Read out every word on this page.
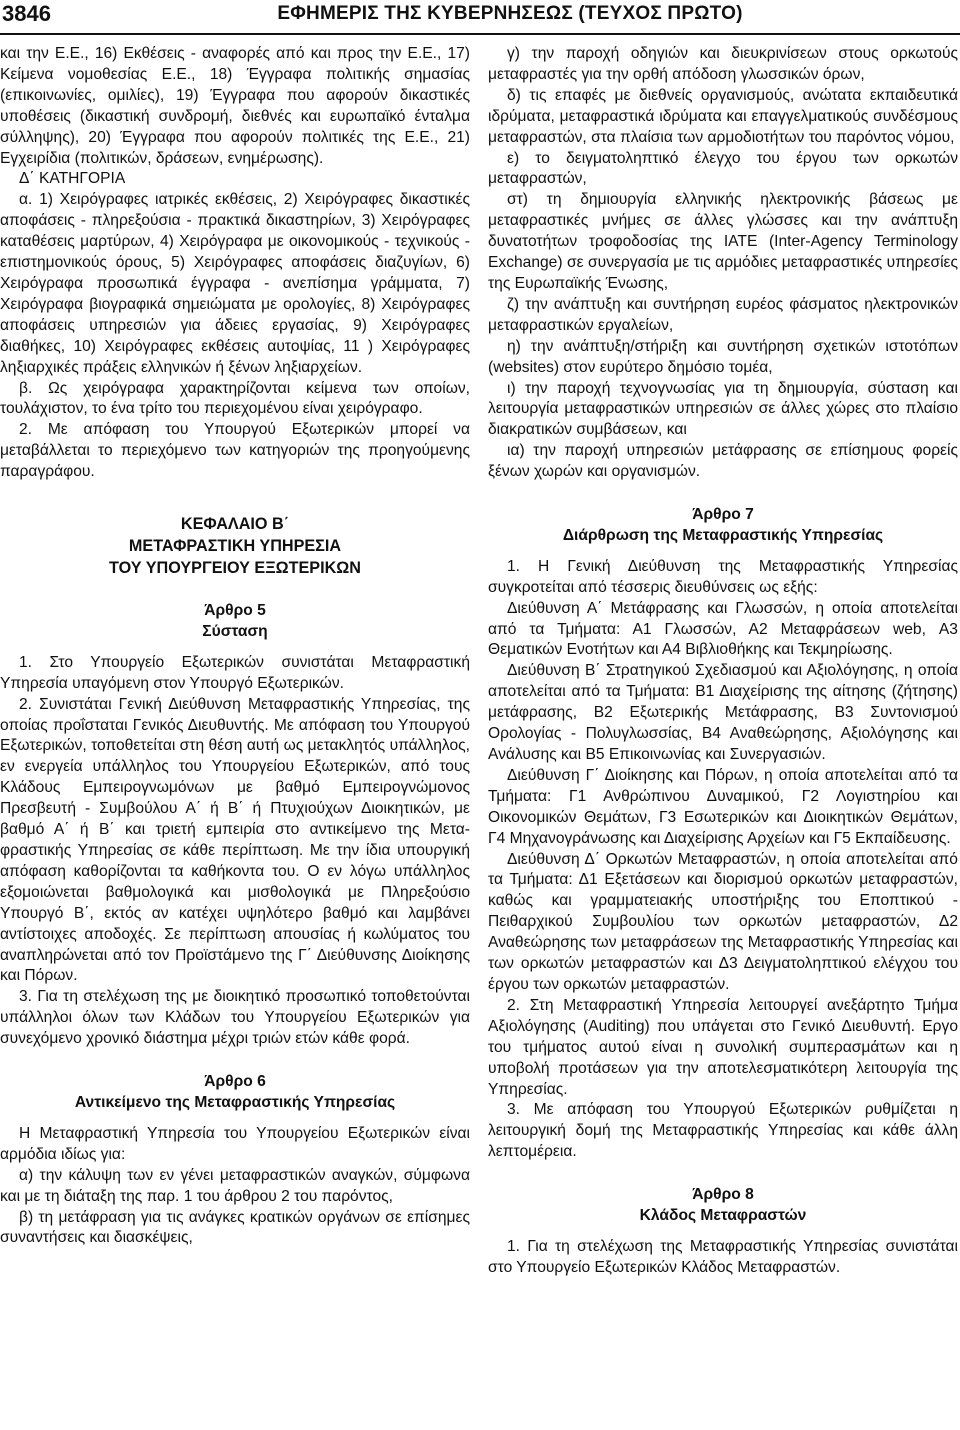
3846	ΕΦΗΜΕΡΙΣ ΤΗΣ ΚΥΒΕΡΝΗΣΕΩΣ (ΤΕΥΧΟΣ ΠΡΩΤΟ)

και την Ε.Ε., 16) Εκθέσεις - αναφορές από και προς την Ε.Ε., 17) Κείμενα νομοθεσίας Ε.Ε., 18) Έγγραφα πολιτικής σημασίας (επικοινωνίες, ομιλίες), 19) Έγγραφα που αφορούν δικαστικές υποθέσεις (δικαστική συνδρομή, διεθνές και ευρωπαϊκό ένταλμα σύλληψης), 20) Έγγραφα που αφορούν πολιτικές της Ε.Ε., 21) Εγχειρίδια (πολιτικών, δράσεων, ενημέρωσης).

Δ΄ ΚΑΤΗΓΟΡΙΑ

α. 1) Χειρόγραφες ιατρικές εκθέσεις, 2) Χειρόγραφες δικαστικές αποφάσεις - πληρεξούσια - πρακτικά δικαστηρίων, 3) Χειρόγραφες καταθέσεις μαρτύρων, 4) Χειρόγραφα με οικονομικούς - τεχνικούς - επιστημονικούς όρους, 5) Χειρόγραφες αποφάσεις διαζυγίων, 6) Χειρόγραφα προσωπικά έγγραφα - ανεπίσημα γράμματα, 7) Χειρόγραφα βιογραφικά σημειώματα με ορολογίες, 8) Χειρόγραφες αποφάσεις υπηρεσιών για άδειες εργασίας, 9) Χειρόγραφες διαθήκες, 10) Χειρόγραφες εκθέσεις αυτοψίας, 11 ) Χειρόγραφες ληξιαρχικές πράξεις ελληνικών ή ξένων ληξιαρχείων.

β. Ως χειρόγραφα χαρακτηρίζονται κείμενα των οποίων, τουλάχιστον, το ένα τρίτο του περιεχομένου είναι χειρόγραφο.

2. Με απόφαση του Υπουργού Εξωτερικών μπορεί να μεταβάλλεται το περιεχόμενο των κατηγοριών της προηγούμενης παραγράφου.

ΚΕΦΑΛΑΙΟ Β΄

ΜΕΤΑΦΡΑΣΤΙΚΗ ΥΠΗΡΕΣΙΑ

ΤΟΥ ΥΠΟΥΡΓΕΙΟΥ ΕΞΩΤΕΡΙΚΩΝ

Άρθρο 5

Σύσταση

1. Στο Υπουργείο Εξωτερικών συνιστάται Μεταφραστική Υπηρεσία υπαγόμενη στον Υπουργό Εξωτερικών.

2. Συνιστάται Γενική Διεύθυνση Μεταφραστικής Υπηρεσίας, της οποίας προΐσταται Γενικός Διευθυντής. Με απόφαση του Υπουργού Εξωτερικών, τοποθετείται στη θέση αυτή ως μετακλητός υπάλληλος, εν ενεργεία υπάλληλος του Υπουργείου Εξωτερικών, από τους Κλάδους Εμπειρογνωμόνων με βαθμό Εμπειρογνώμονος Πρεσβευτή - Συμβούλου Α΄ ή Β΄ ή Πτυχιούχων Διοικητικών, με βαθμό Α΄ ή Β΄ και τριετή εμπειρία στο αντικείμενο της Μεταφραστικής Υπηρεσίας σε κάθε περίπτωση. Με την ίδια υπουργική απόφαση καθορίζονται τα καθήκοντα του. Ο εν λόγω υπάλληλος εξομοιώνεται βαθμολογικά και μισθολογικά με Πληρεξούσιο Υπουργό Β΄, εκτός αν κατέχει υψηλότερο βαθμό και λαμβάνει αντίστοιχες αποδοχές. Σε περίπτωση απουσίας ή κωλύματος του αναπληρώνεται από τον Προϊστάμενο της Γ΄ Διεύθυνσης Διοίκησης και Πόρων.

3. Για τη στελέχωση της με διοικητικό προσωπικό τοποθετούνται υπάλληλοι όλων των Κλάδων του Υπουργείου Εξωτερικών για συνεχόμενο χρονικό διάστημα μέχρι τριών ετών κάθε φορά.

Άρθρο 6

Αντικείμενο της Μεταφραστικής Υπηρεσίας

Η Μεταφραστική Υπηρεσία του Υπουργείου Εξωτερικών είναι αρμόδια ιδίως για:

α) την κάλυψη των εν γένει μεταφραστικών αναγκών, σύμφωνα και με τη διάταξη της παρ. 1 του άρθρου 2 του παρόντος,

β) τη μετάφραση για τις ανάγκες κρατικών οργάνων σε επίσημες συναντήσεις και διασκέψεις,

γ) την παροχή οδηγιών και διευκρινίσεων στους ορκωτούς μεταφραστές για την ορθή απόδοση γλωσσικών όρων,

δ) τις επαφές με διεθνείς οργανισμούς, ανώτατα εκπαιδευτικά ιδρύματα, μεταφραστικά ιδρύματα και επαγγελματικούς συνδέσμους μεταφραστών, στα πλαίσια των αρμοδιοτήτων του παρόντος νόμου,

ε) το δειγματοληπτικό έλεγχο του έργου των ορκωτών μεταφραστών,

στ) τη δημιουργία ελληνικής ηλεκτρονικής βάσεως με μεταφραστικές μνήμες σε άλλες γλώσσες και την ανάπτυξη δυνατοτήτων τροφοδοσίας της IATE (Inter-Agency Terminology Exchange) σε συνεργασία με τις αρμόδιες μεταφραστικές υπηρεσίες της Ευρωπαϊκής Ένωσης,

ζ) την ανάπτυξη και συντήρηση ευρέος φάσματος ηλεκτρονικών μεταφραστικών εργαλείων,

η) την ανάπτυξη/στήριξη και συντήρηση σχετικών ιστοτόπων (websites) στον ευρύτερο δημόσιο τομέα,

ι) την παροχή τεχνογνωσίας για τη δημιουργία, σύσταση και λειτουργία μεταφραστικών υπηρεσιών σε άλλες χώρες στο πλαίσιο διακρατικών συμβάσεων, και

ια) την παροχή υπηρεσιών μετάφρασης σε επίσημους φορείς ξένων χωρών και οργανισμών.

Άρθρο 7

Διάρθρωση της Μεταφραστικής Υπηρεσίας

1. Η Γενική Διεύθυνση της Μεταφραστικής Υπηρεσίας συγκροτείται από τέσσερις διευθύνσεις ως εξής:

Διεύθυνση Α΄ Μετάφρασης και Γλωσσών, η οποία αποτελείται από τα Τμήματα: Α1 Γλωσσών, Α2 Μεταφράσεων web, Α3 Θεματικών Ενοτήτων και Α4 Βιβλιοθήκης και Τεκμηρίωσης.

Διεύθυνση Β΄ Στρατηγικού Σχεδιασμού και Αξιολόγησης, η οποία αποτελείται από τα Τμήματα: Β1 Διαχείρισης της αίτησης (ζήτησης) μετάφρασης, Β2 Εξωτερικής Μετάφρασης, Β3 Συντονισμού Ορολογίας - Πολυγλωσσίας, Β4 Αναθεώρησης, Αξιολόγησης και Ανάλυσης και Β5 Επικοινωνίας και Συνεργασιών.

Διεύθυνση Γ΄ Διοίκησης και Πόρων, η οποία αποτελείται από τα Τμήματα: Γ1 Ανθρώπινου Δυναμικού, Γ2 Λογιστηρίου και Οικονομικών Θεμάτων, Γ3 Εσωτερικών και Διοικητικών Θεμάτων, Γ4 Μηχανογράνωσης και Διαχείρισης Αρχείων και Γ5 Εκπαίδευσης.

Διεύθυνση Δ΄ Ορκωτών Μεταφραστών, η οποία αποτελείται από τα Τμήματα: Δ1 Εξετάσεων και διορισμού ορκωτών μεταφραστών, καθώς και γραμματειακής υποστήριξης του Εποπτικού - Πειθαρχικού Συμβουλίου των ορκωτών μεταφραστών, Δ2 Αναθεώρησης των μεταφράσεων της Μεταφραστικής Υπηρεσίας και των ορκωτών μεταφραστών και Δ3 Δειγματοληπτικού ελέγχου του έργου των ορκωτών μεταφραστών.

2. Στη Μεταφραστική Υπηρεσία λειτουργεί ανεξάρτητο Τμήμα Αξιολόγησης (Auditing) που υπάγεται στο Γενικό Διευθυντή. Εργο του τμήματος αυτού είναι η συνολική συμπερασμάτων και η υποβολή προτάσεων για την αποτελεσματικότερη λειτουργία της Υπηρεσίας.

3. Με απόφαση του Υπουργού Εξωτερικών ρυθμίζεται η λειτουργική δομή της Μεταφραστικής Υπηρεσίας και κάθε άλλη λεπτομέρεια.

Άρθρο 8

Κλάδος Μεταφραστών

1. Για τη στελέχωση της Μεταφραστικής Υπηρεσίας συνιστάται στο Υπουργείο Εξωτερικών Κλάδος Μεταφραστών.
